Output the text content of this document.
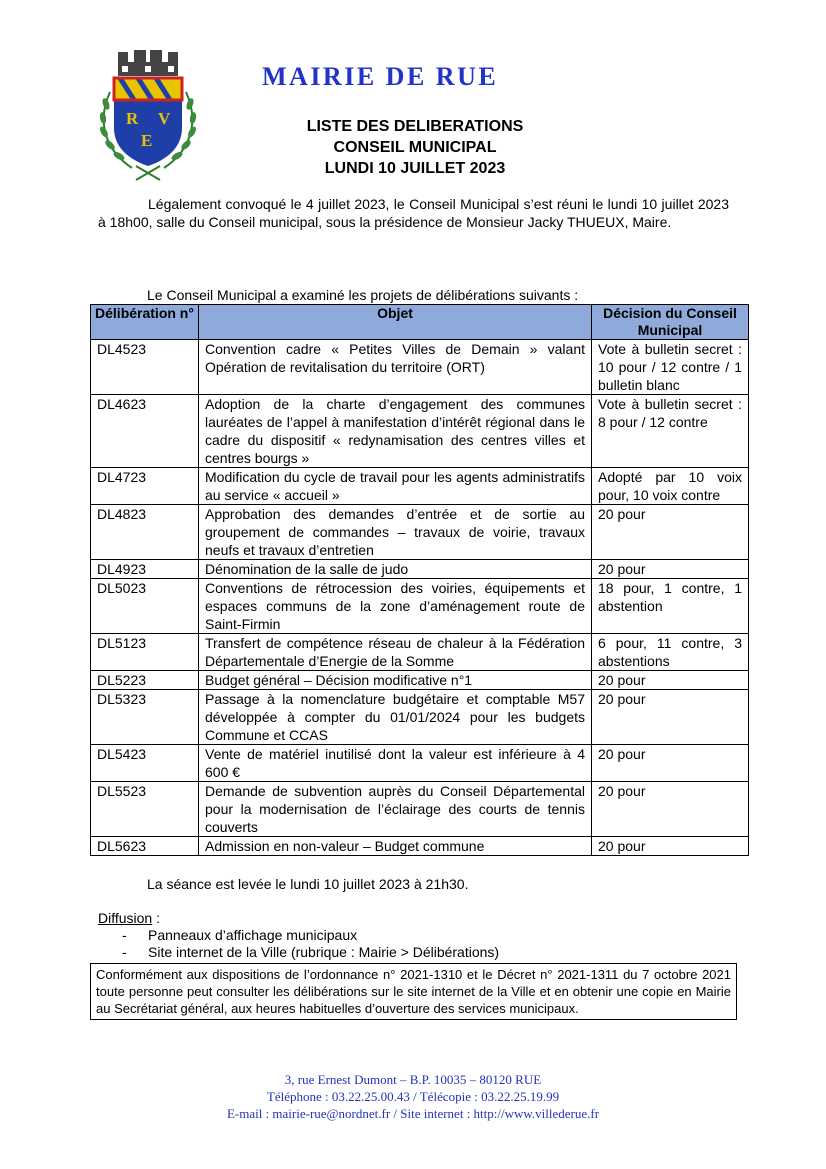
R V
E
MAIRIE DE RUE
LISTE DES DELIBERATIONS
CONSEIL MUNICIPAL
LUNDI 10 JUILLET 2023
Légalement convoqué le 4 juillet 2023, le Conseil Municipal s’est réuni le lundi 10 juillet 2023 à 18h00, salle du Conseil municipal, sous la présidence de Monsieur Jacky THUEUX, Maire.
Le Conseil Municipal a examiné les projets de délibérations suivants :
Délibération n°	Objet	Décision du Conseil Municipal
DL4523	Convention cadre « Petites Villes de Demain » valant Opération de revitalisation du territoire (ORT)	Vote à bulletin secret : 10 pour / 12 contre / 1 bulletin blanc
DL4623	Adoption de la charte d’engagement des communes lauréates de l’appel à manifestation d’intérêt régional dans le cadre du dispositif « redynamisation des centres villes et centres bourgs »	Vote à bulletin secret : 8 pour / 12 contre
DL4723	Modification du cycle de travail pour les agents administratifs au service « accueil »	Adopté par 10 voix pour, 10 voix contre
DL4823	Approbation des demandes d’entrée et de sortie au groupement de commandes – travaux de voirie, travaux neufs et travaux d’entretien	20 pour
DL4923	Dénomination de la salle de judo	20 pour
DL5023	Conventions de rétrocession des voiries, équipements et espaces communs de la zone d’aménagement route de Saint-Firmin	18 pour, 1 contre, 1 abstention
DL5123	Transfert de compétence réseau de chaleur à la Fédération Départementale d’Energie de la Somme	6 pour, 11 contre, 3 abstentions
DL5223	Budget général – Décision modificative n°1	20 pour
DL5323	Passage à la nomenclature budgétaire et comptable M57 développée à compter du 01/01/2024 pour les budgets Commune et CCAS	20 pour
DL5423	Vente de matériel inutilisé dont la valeur est inférieure à 4 600 €	20 pour
DL5523	Demande de subvention auprès du Conseil Départemental pour la modernisation de l’éclairage des courts de tennis couverts	20 pour
DL5623	Admission en non-valeur – Budget commune	20 pour
La séance est levée le lundi 10 juillet 2023 à 21h30.
Diffusion :
- Panneaux d’affichage municipaux
- Site internet de la Ville (rubrique : Mairie > Délibérations)
Conformément aux dispositions de l’ordonnance n° 2021-1310 et le Décret n° 2021-1311 du 7 octobre 2021 toute personne peut consulter les délibérations sur le site internet de la Ville et en obtenir une copie en Mairie au Secrétariat général, aux heures habituelles d’ouverture des services municipaux.
3, rue Ernest Dumont – B.P. 10035 – 80120 RUE
Téléphone : 03.22.25.00.43 / Télécopie : 03.22.25.19.99
E-mail : mairie-rue@nordnet.fr / Site internet : http://www.villederue.fr
